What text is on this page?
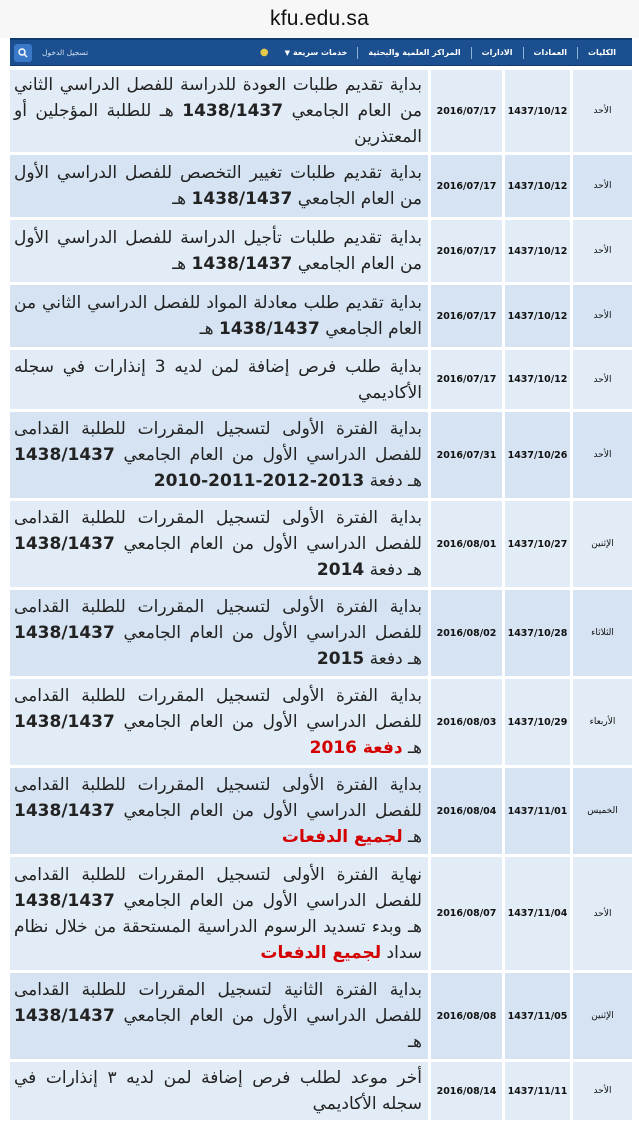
kfu.edu.sa
الكليات
العمادات
الادارات
المراكز العلمية والبحثية
خدمات سريعة
▼
●
تسجيل الدخول
الأحد	1437/10/12	2016/07/17	بداية تقديم طلبات العودة للدراسة للفصل الدراسي الثاني من العام الجامعي 1438/1437 هـ للطلبة المؤجلين أو المعتذرين
الأحد	1437/10/12	2016/07/17	بداية تقديم طلبات تغيير التخصص للفصل الدراسي الأول من العام الجامعي 1438/1437 هـ
الأحد	1437/10/12	2016/07/17	بداية تقديم طلبات تأجيل الدراسة للفصل الدراسي الأول من العام الجامعي 1438/1437 هـ
الأحد	1437/10/12	2016/07/17	بداية تقديم طلب معادلة المواد للفصل الدراسي الثاني من العام الجامعي 1438/1437 هـ
الأحد	1437/10/12	2016/07/17	بداية طلب فرص إضافة لمن لديه 3 إنذارات في سجله الأكاديمي
الأحد	1437/10/26	2016/07/31	بداية الفترة الأولى لتسجيل المقررات للطلبة القدامى للفصل الدراسي الأول من العام الجامعي 1438/1437 هـ دفعة 2013-2012-2011-2010
الإثنين	1437/10/27	2016/08/01	بداية الفترة الأولى لتسجيل المقررات للطلبة القدامى للفصل الدراسي الأول من العام الجامعي 1438/1437 هـ دفعة 2014
الثلاثاء	1437/10/28	2016/08/02	بداية الفترة الأولى لتسجيل المقررات للطلبة القدامى للفصل الدراسي الأول من العام الجامعي 1438/1437 هـ دفعة 2015
الأربعاء	1437/10/29	2016/08/03	بداية الفترة الأولى لتسجيل المقررات للطلبة القدامى للفصل الدراسي الأول من العام الجامعي 1438/1437 هـ دفعة 2016
الخميس	1437/11/01	2016/08/04	بداية الفترة الأولى لتسجيل المقررات للطلبة القدامى للفصل الدراسي الأول من العام الجامعي 1438/1437 هـ لجميع الدفعات
الأحد	1437/11/04	2016/08/07	نهاية الفترة الأولى لتسجيل المقررات للطلبة القدامى للفصل الدراسي الأول من العام الجامعي 1438/1437 هـ وبدء تسديد الرسوم الدراسية المستحقة من خلال نظام سداد لجميع الدفعات
الإثنين	1437/11/05	2016/08/08	بداية الفترة الثانية لتسجيل المقررات للطلبة القدامى للفصل الدراسي الأول من العام الجامعي 1438/1437 هـ
الأحد	1437/11/11	2016/08/14	أخر موعد لطلب فرص إضافة لمن لديه ٣ إنذارات في سجله الأكاديمي
